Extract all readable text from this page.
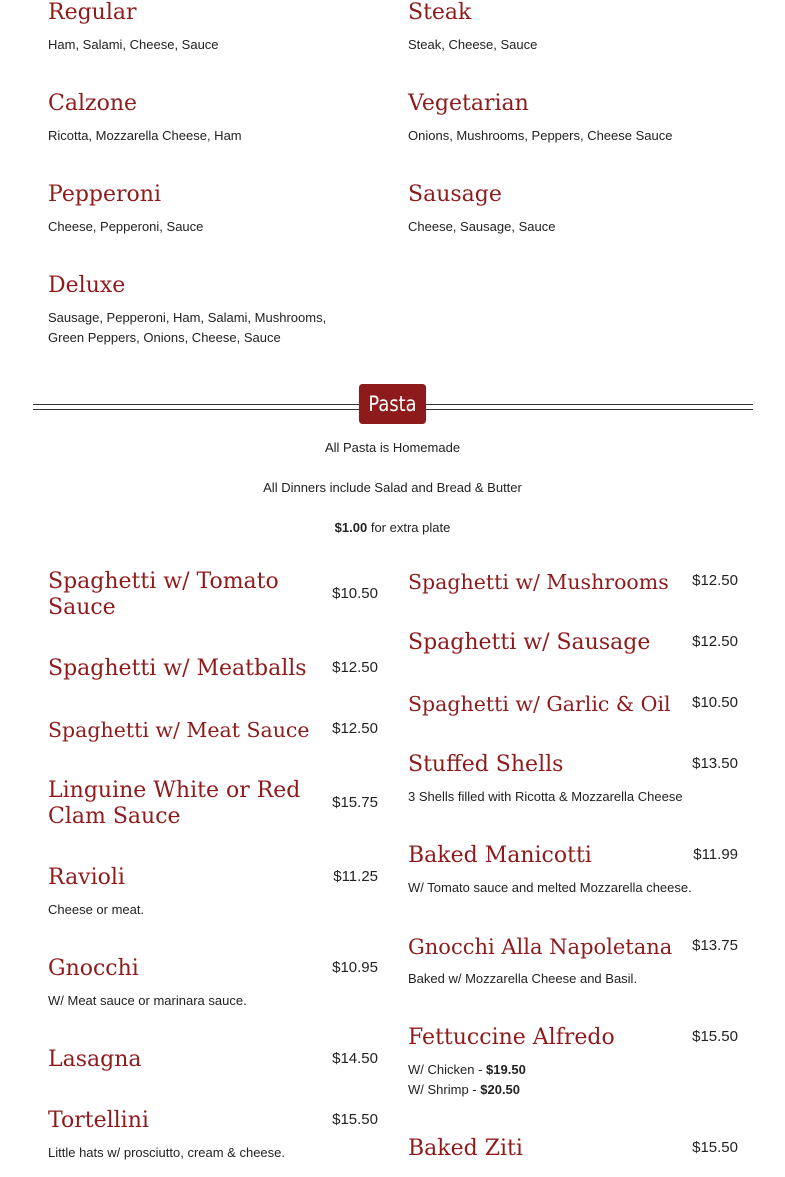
Regular
Ham, Salami, Cheese, Sauce
Steak
Steak, Cheese, Sauce
Calzone
Ricotta, Mozzarella Cheese, Ham
Vegetarian
Onions, Mushrooms, Peppers, Cheese Sauce
Pepperoni
Cheese, Pepperoni, Sauce
Sausage
Cheese, Sausage, Sauce
Deluxe
Sausage, Pepperoni, Ham, Salami, Mushrooms,
Green Peppers, Onions, Cheese, Sauce
Pasta
All Pasta is Homemade
All Dinners include Salad and Bread & Butter
$1.00 for extra plate
Spaghetti w/ Tomato Sauce
$10.50
Spaghetti w/ Meatballs	$12.50
Spaghetti w/ Meat Sauce	$12.50
Linguine White or Red Clam Sauce
$15.75
Ravioli	$11.25
Cheese or meat.
Gnocchi	$10.95
W/ Meat sauce or marinara sauce.
Lasagna	$14.50
Tortellini	$15.50
Little hats w/ prosciutto, cream & cheese.
Spaghetti w/ Mushrooms	$12.50
Spaghetti w/ Sausage	$12.50
Spaghetti w/ Garlic & Oil	$10.50
Stuffed Shells	$13.50
3 Shells filled with Ricotta & Mozzarella Cheese
Baked Manicotti	$11.99
W/ Tomato sauce and melted Mozzarella cheese.
Gnocchi Alla Napoletana	$13.75
Baked w/ Mozzarella Cheese and Basil.
Fettuccine Alfredo	$15.50
W/ Chicken - $19.50
W/ Shrimp - $20.50
Baked Ziti	$15.50
